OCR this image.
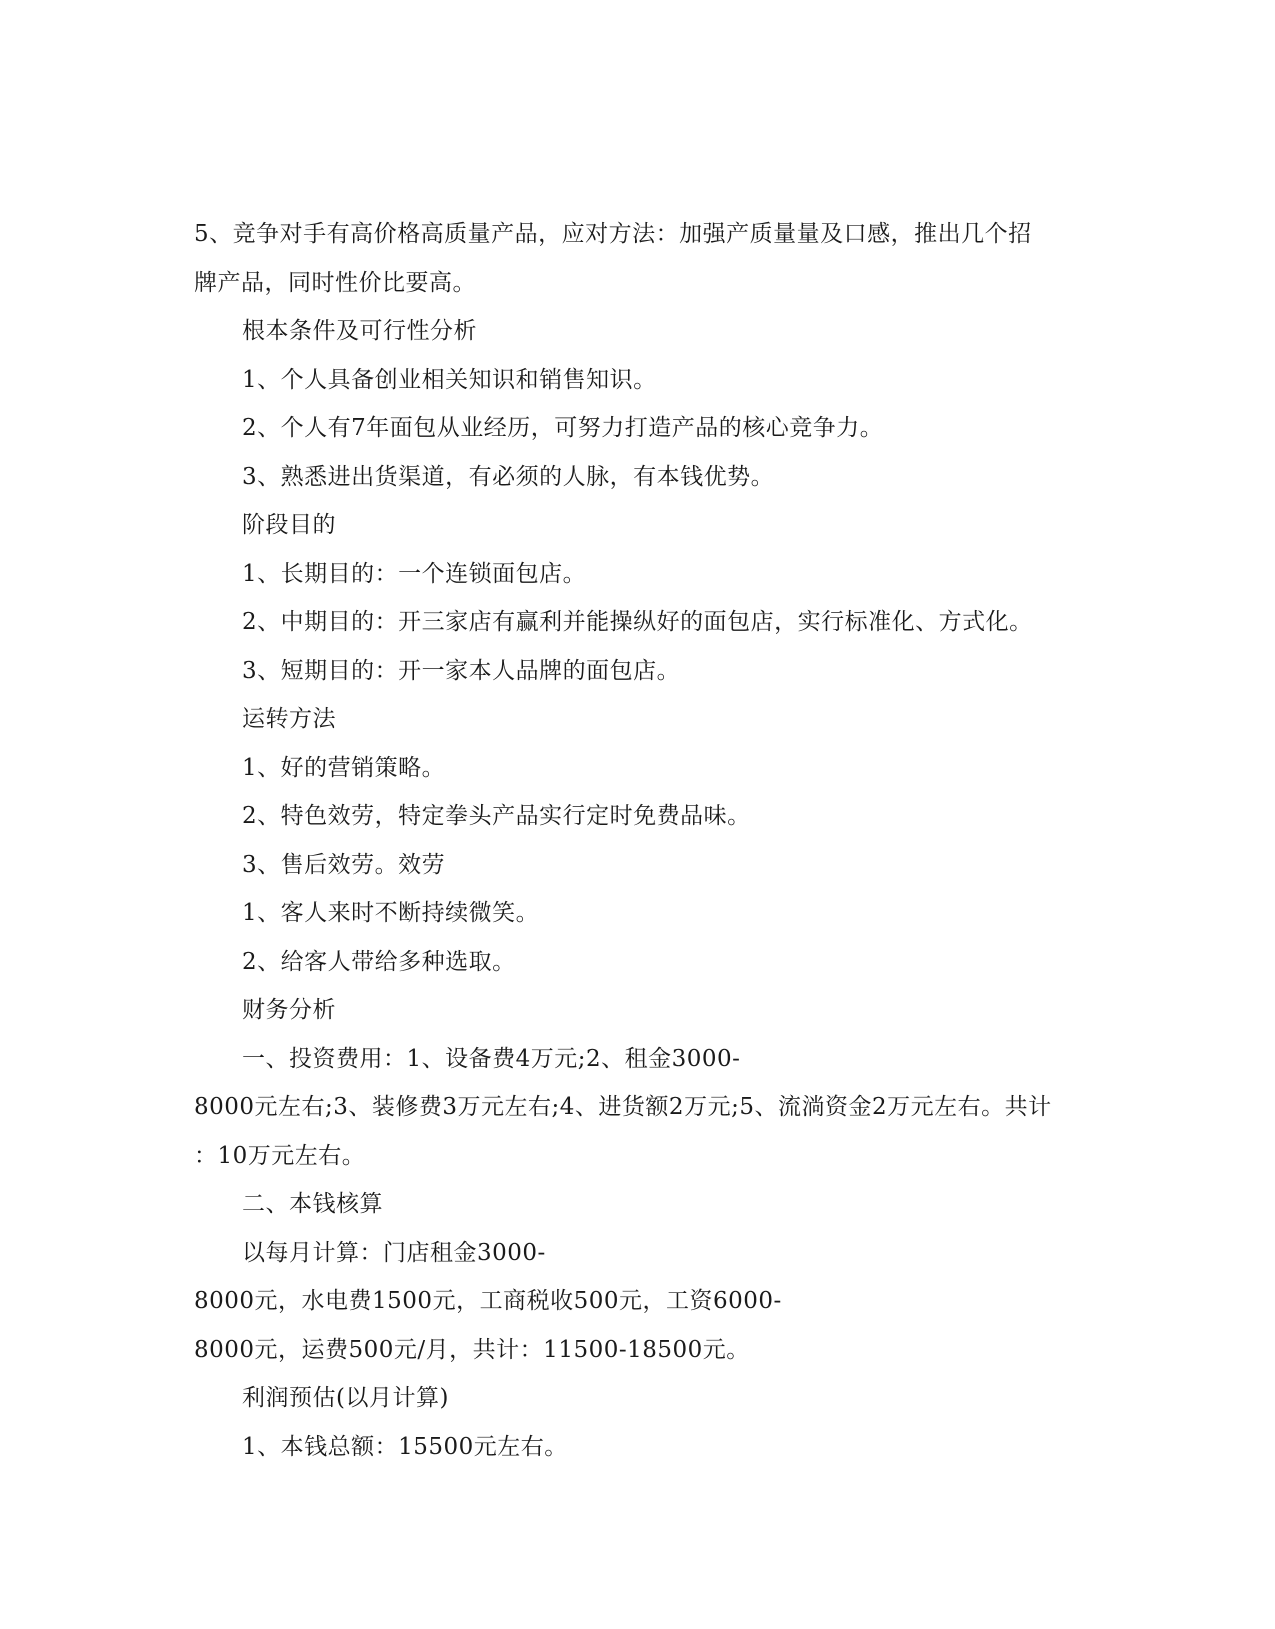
5、竞争对手有高价格高质量产品，应对方法：加强产质量量及口感，推出几个招
牌产品，同时性价比要高。
根本条件及可行性分析
1、个人具备创业相关知识和销售知识。
2、个人有7年面包从业经历，可努力打造产品的核心竞争力。
3、熟悉进出货渠道，有必须的人脉，有本钱优势。
阶段目的
1、长期目的：一个连锁面包店。
2、中期目的：开三家店有赢利并能操纵好的面包店，实行标准化、方式化。
3、短期目的：开一家本人品牌的面包店。
运转方法
1、好的营销策略。
2、特色效劳，特定拳头产品实行定时免费品味。
3、售后效劳。效劳
1、客人来时不断持续微笑。
2、给客人带给多种选取。
财务分析
一、投资费用：1、设备费4万元;2、租金3000-
8000元左右;3、装修费3万元左右;4、进货额2万元;5、流淌资金2万元左右。共计
：10万元左右。
二、本钱核算
以每月计算：门店租金3000-
8000元，水电费1500元，工商税收500元，工资6000-
8000元，运费500元/月，共计：11500-18500元。
利润预估(以月计算)
1、本钱总额：15500元左右。
